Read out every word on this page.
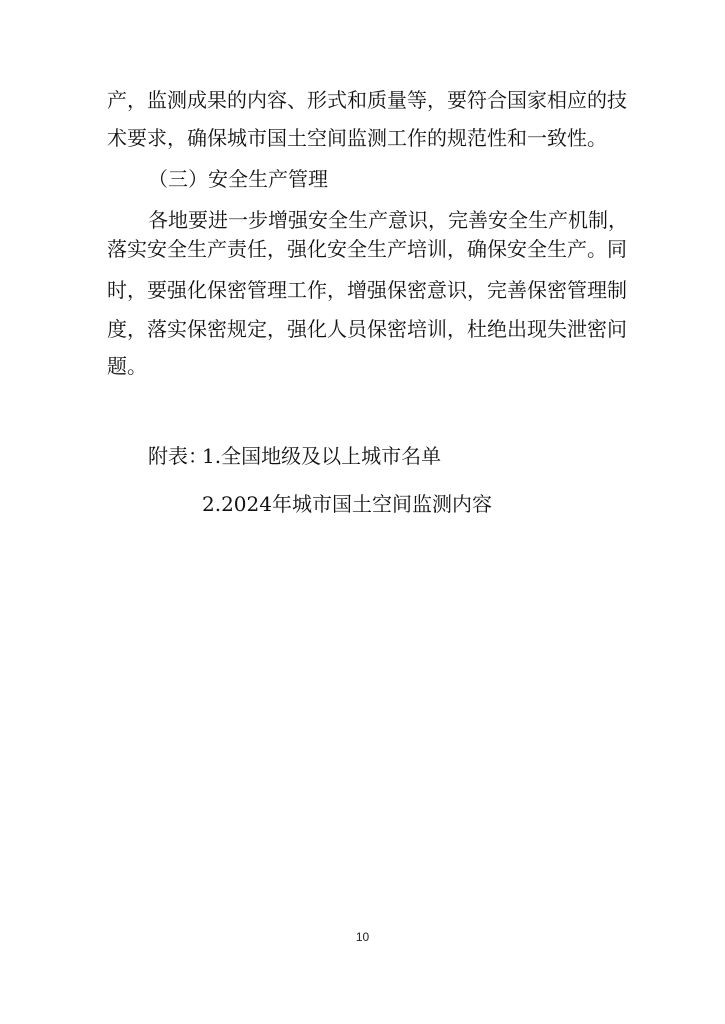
产，监测成果的内容、形式和质量等，要符合国家相应的技
术要求，确保城市国土空间监测工作的规范性和一致性。
（三）安全生产管理
各地要进一步增强安全生产意识，完善安全生产机制，
落实安全生产责任，强化安全生产培训，确保安全生产。同
时，要强化保密管理工作，增强保密意识，完善保密管理制
度，落实保密规定，强化人员保密培训，杜绝出现失泄密问
题。
附表：
1.全国地级及以上城市名单
2.2024年城市国土空间监测内容
10
